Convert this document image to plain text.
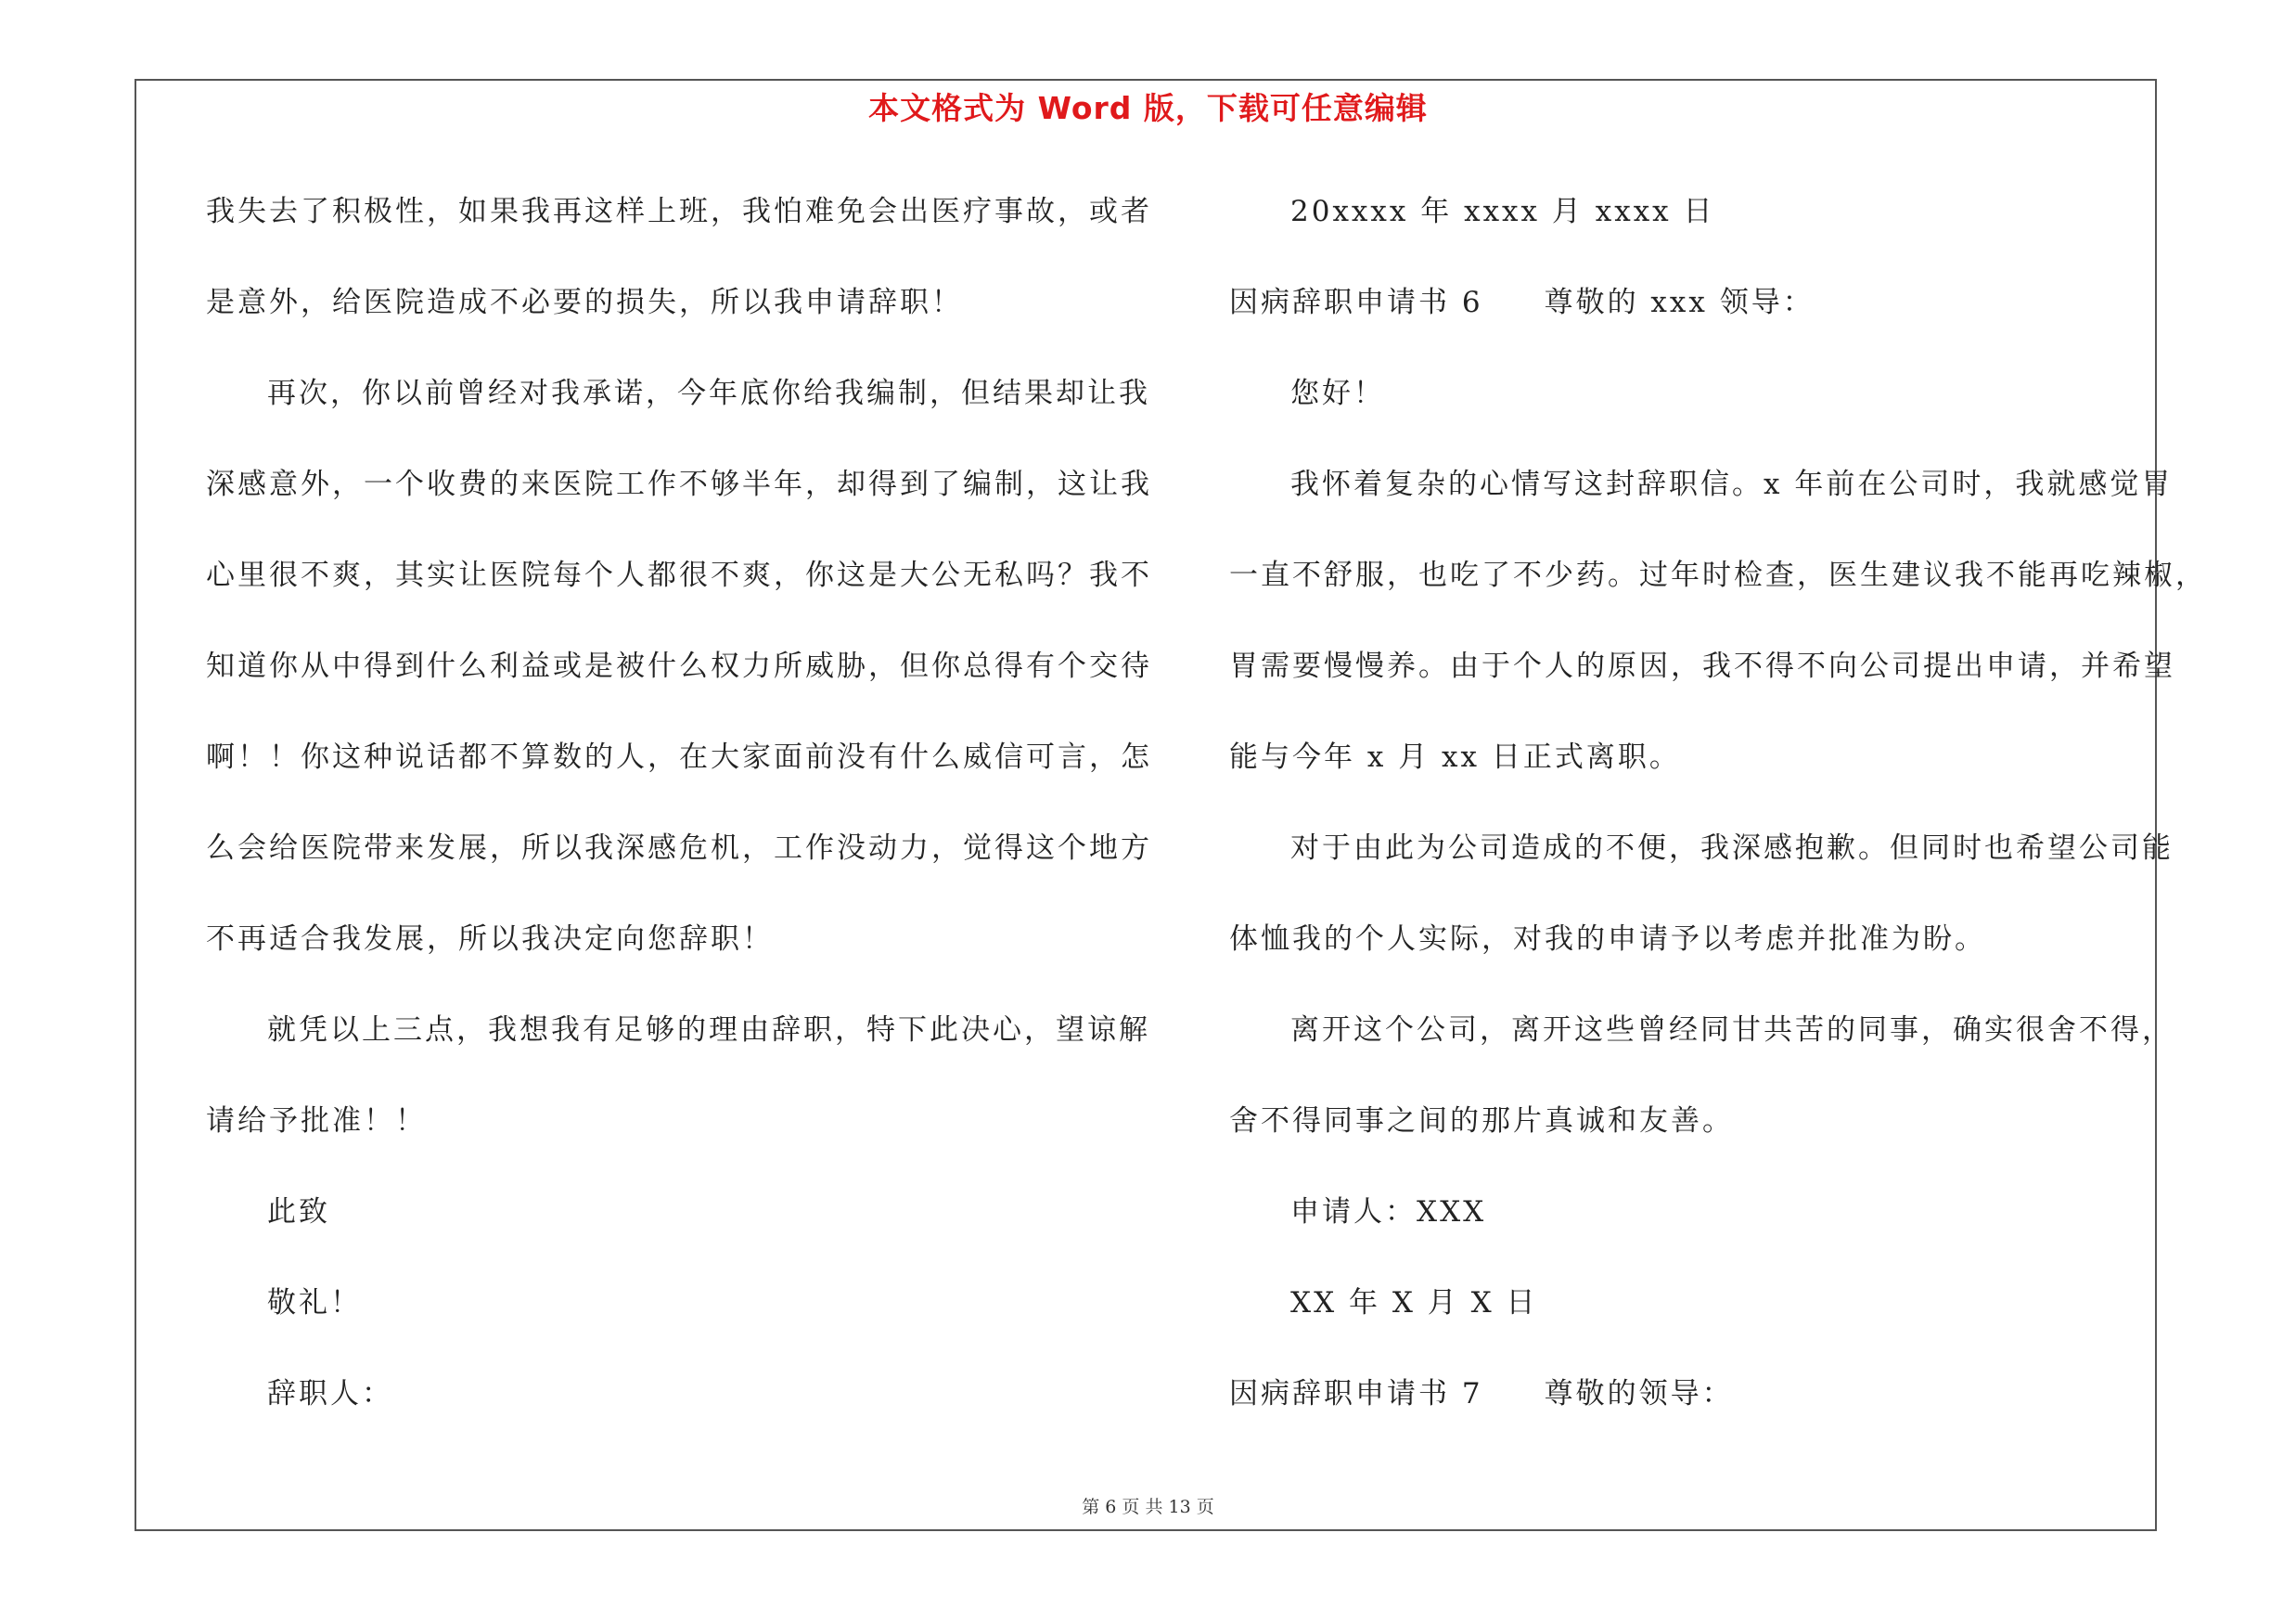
本文格式为 Word 版，下载可任意编辑
我失去了积极性，如果我再这样上班，我怕难免会出医疗事故，或者
是意外，给医院造成不必要的损失，所以我申请辞职！
再次，你以前曾经对我承诺，今年底你给我编制，但结果却让我
深感意外，一个收费的来医院工作不够半年，却得到了编制，这让我
心里很不爽，其实让医院每个人都很不爽，你这是大公无私吗？我不
知道你从中得到什么利益或是被什么权力所威胁，但你总得有个交待
啊！！你这种说话都不算数的人，在大家面前没有什么威信可言，怎
么会给医院带来发展，所以我深感危机，工作没动力，觉得这个地方
不再适合我发展，所以我决定向您辞职！
就凭以上三点，我想我有足够的理由辞职，特下此决心，望谅解
请给予批准！！
此致
敬礼！
辞职人：
20xxxx 年 xxxx 月 xxxx 日
因病辞职申请书 6 尊敬的 xxx 领导：
您好！
我怀着复杂的心情写这封辞职信。x 年前在公司时，我就感觉胃
一直不舒服，也吃了不少药。过年时检查，医生建议我不能再吃辣椒，
胃需要慢慢养。由于个人的原因，我不得不向公司提出申请，并希望
能与今年 x 月 xx 日正式离职。
对于由此为公司造成的不便，我深感抱歉。但同时也希望公司能
体恤我的个人实际，对我的申请予以考虑并批准为盼。
离开这个公司，离开这些曾经同甘共苦的同事，确实很舍不得，
舍不得同事之间的那片真诚和友善。
申请人：XXX
XX 年 X 月 X 日
因病辞职申请书 7 尊敬的领导：
第 6 页 共 13 页
